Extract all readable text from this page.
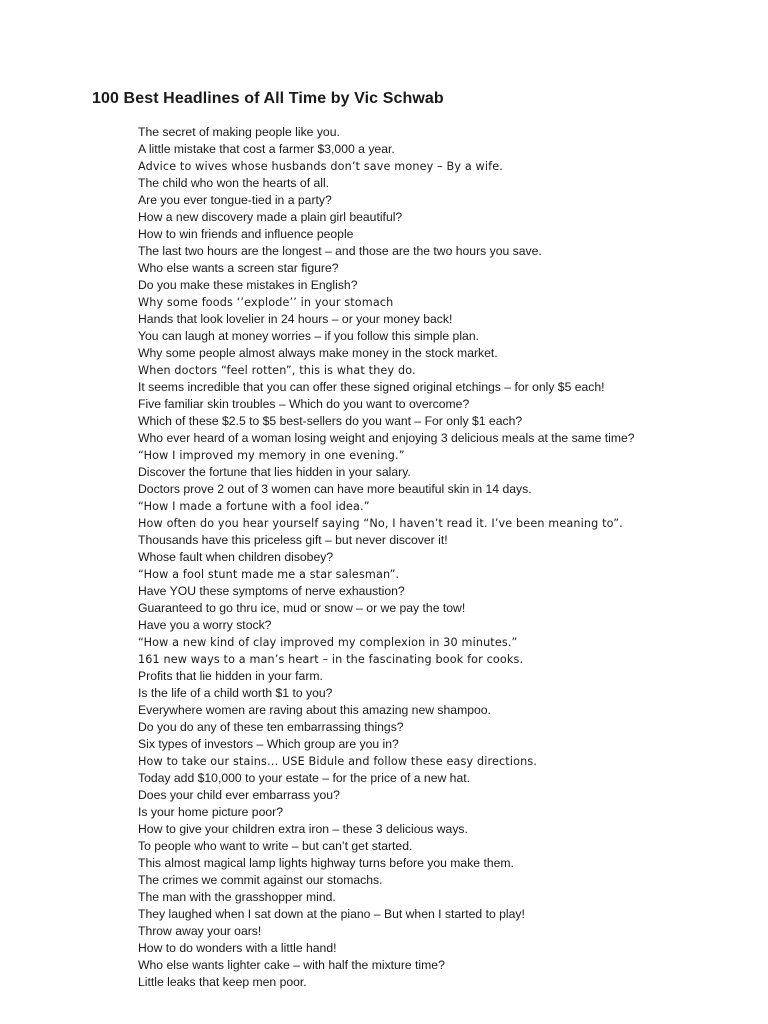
100 Best Headlines of All Time by Vic Schwab
The secret of making people like you.
A little mistake that cost a farmer $3,000 a year.
Advice to wives whose husbands don’t save money – By a wife.
The child who won the hearts of all.
Are you ever tongue-tied in a party?
How a new discovery made a plain girl beautiful?
How to win friends and influence people
The last two hours are the longest – and those are the two hours you save.
Who else wants a screen star figure?
Do you make these mistakes in English?
Why some foods ‘’explode’’ in your stomach
Hands that look lovelier in 24 hours – or your money back!
You can laugh at money worries – if you follow this simple plan.
Why some people almost always make money in the stock market.
When doctors “feel rotten”, this is what they do.
It seems incredible that you can offer these signed original etchings – for only $5 each!
Five familiar skin troubles – Which do you want to overcome?
Which of these $2.5 to $5 best-sellers do you want – For only $1 each?
Who ever heard of a woman losing weight and enjoying 3 delicious meals at the same time?
“How I improved my memory in one evening.”
Discover the fortune that lies hidden in your salary.
Doctors prove 2 out of 3 women can have more beautiful skin in 14 days.
“How I made a fortune with a fool idea.”
How often do you hear yourself saying “No, I haven’t read it. I’ve been meaning to”.
Thousands have this priceless gift – but never discover it!
Whose fault when children disobey?
“How a fool stunt made me a star salesman”.
Have YOU these symptoms of nerve exhaustion?
Guaranteed to go thru ice, mud or snow – or we pay the tow!
Have you a worry stock?
“How a new kind of clay improved my complexion in 30 minutes.”
161 new ways to a man’s heart – in the fascinating book for cooks.
Profits that lie hidden in your farm.
Is the life of a child worth $1 to you?
Everywhere women are raving about this amazing new shampoo.
Do you do any of these ten embarrassing things?
Six types of investors – Which group are you in?
How to take our stains… USE Bidule and follow these easy directions.
Today add $10,000 to your estate – for the price of a new hat.
Does your child ever embarrass you?
Is your home picture poor?
How to give your children extra iron – these 3 delicious ways.
To people who want to write – but can’t get started.
This almost magical lamp lights highway turns before you make them.
The crimes we commit against our stomachs.
The man with the grasshopper mind.
They laughed when I sat down at the piano – But when I started to play!
Throw away your oars!
How to do wonders with a little hand!
Who else wants lighter cake – with half the mixture time?
Little leaks that keep men poor.
